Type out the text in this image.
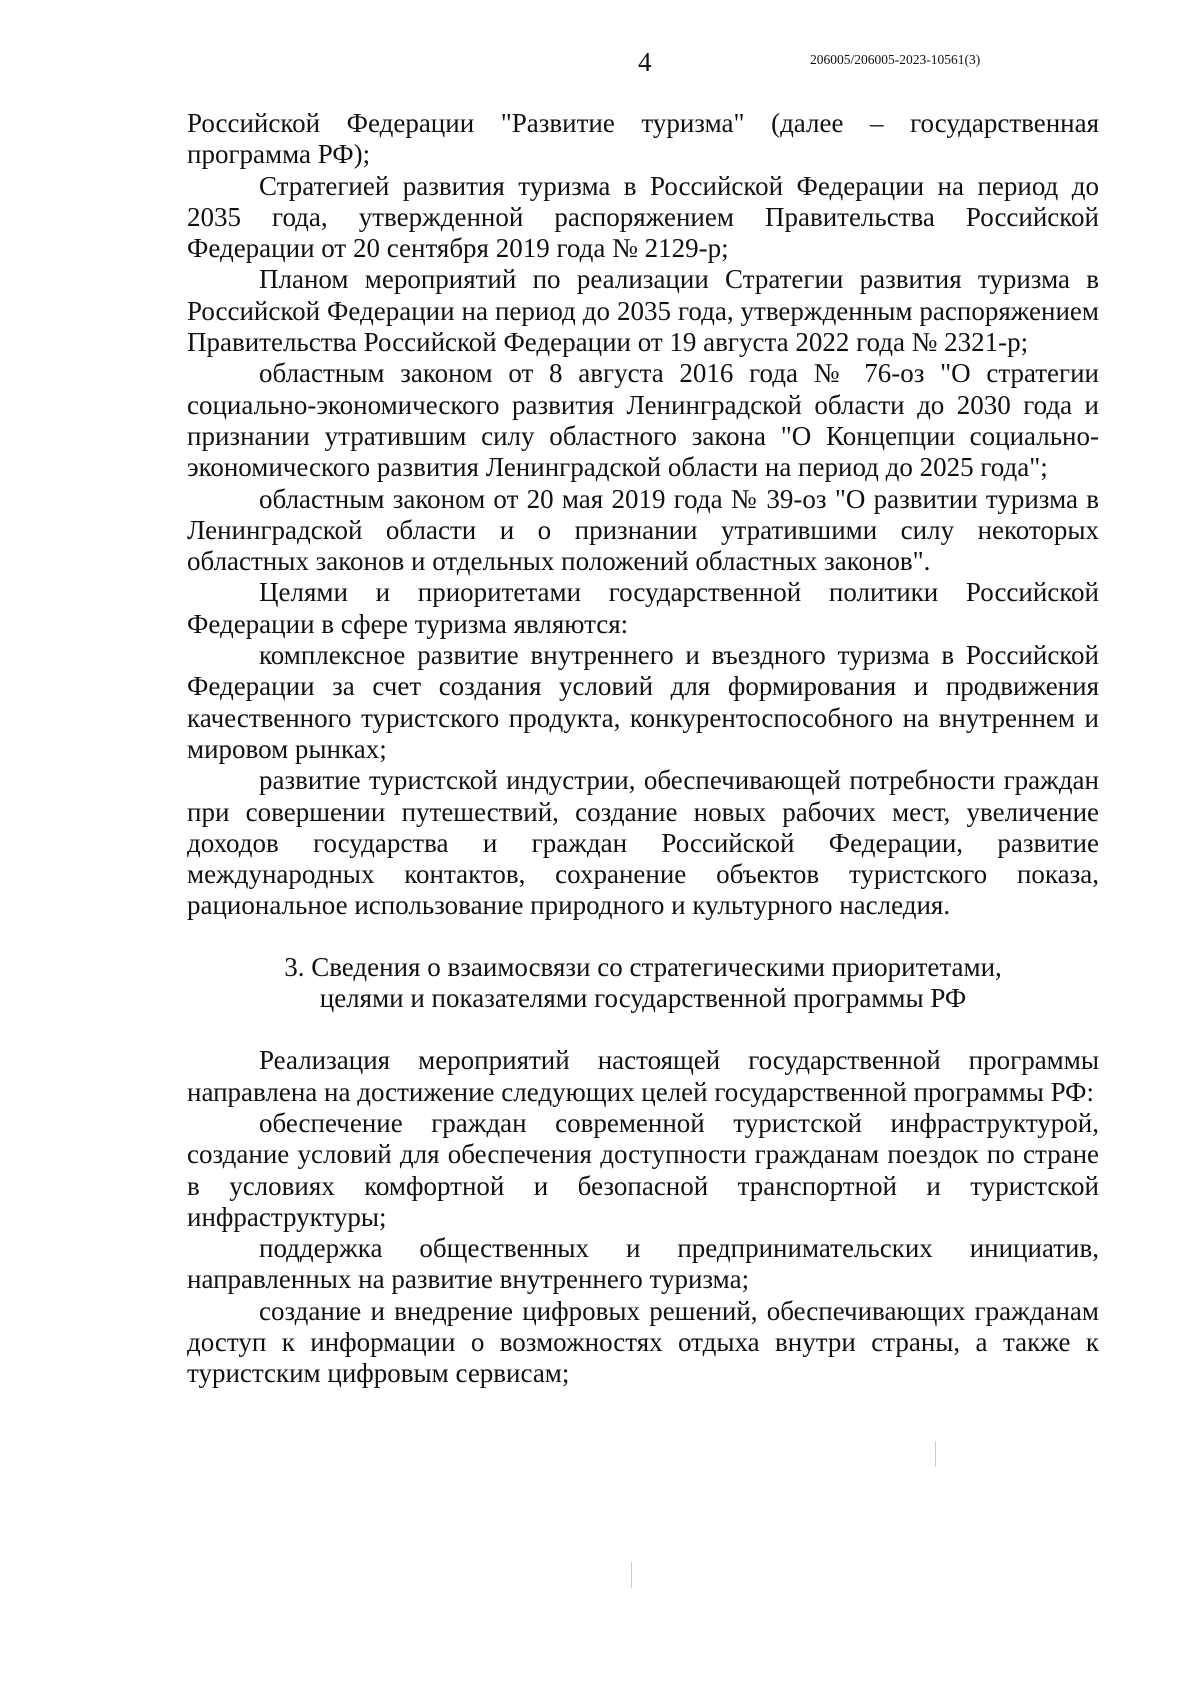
4	206005/206005-2023-10561(3)

Российской Федерации "Развитие туризма" (далее – государственная программа РФ);

Стратегией развития туризма в Российской Федерации на период до 2035 года, утвержденной распоряжением Правительства Российской Федерации от 20 сентября 2019 года № 2129-р;

Планом мероприятий по реализации Стратегии развития туризма в Российской Федерации на период до 2035 года, утвержденным распоряжением Правительства Российской Федерации от 19 августа 2022 года № 2321-р;

областным законом от 8 августа 2016 года № 76-оз "О стратегии социально-экономического развития Ленинградской области до 2030 года и признании утратившим силу областного закона "О Концепции социально-экономического развития Ленинградской области на период до 2025 года";

областным законом от 20 мая 2019 года № 39-оз "О развитии туризма в Ленинградской области и о признании утратившими силу некоторых областных законов и отдельных положений областных законов".

Целями и приоритетами государственной политики Российской Федерации в сфере туризма являются:

комплексное развитие внутреннего и въездного туризма в Российской Федерации за счет создания условий для формирования и продвижения качественного туристского продукта, конкурентоспособного на внутреннем и мировом рынках;

развитие туристской индустрии, обеспечивающей потребности граждан при совершении путешествий, создание новых рабочих мест, увеличение доходов государства и граждан Российской Федерации, развитие международных контактов, сохранение объектов туристского показа, рациональное использование природного и культурного наследия.

3. Сведения о взаимосвязи со стратегическими приоритетами,
целями и показателями государственной программы РФ

Реализация мероприятий настоящей государственной программы направлена на достижение следующих целей государственной программы РФ:

обеспечение граждан современной туристской инфраструктурой, создание условий для обеспечения доступности гражданам поездок по стране в условиях комфортной и безопасной транспортной и туристской инфраструктуры;

поддержка общественных и предпринимательских инициатив, направленных на развитие внутреннего туризма;

создание и внедрение цифровых решений, обеспечивающих гражданам доступ к информации о возможностях отдыха внутри страны, а также к туристским цифровым сервисам;
